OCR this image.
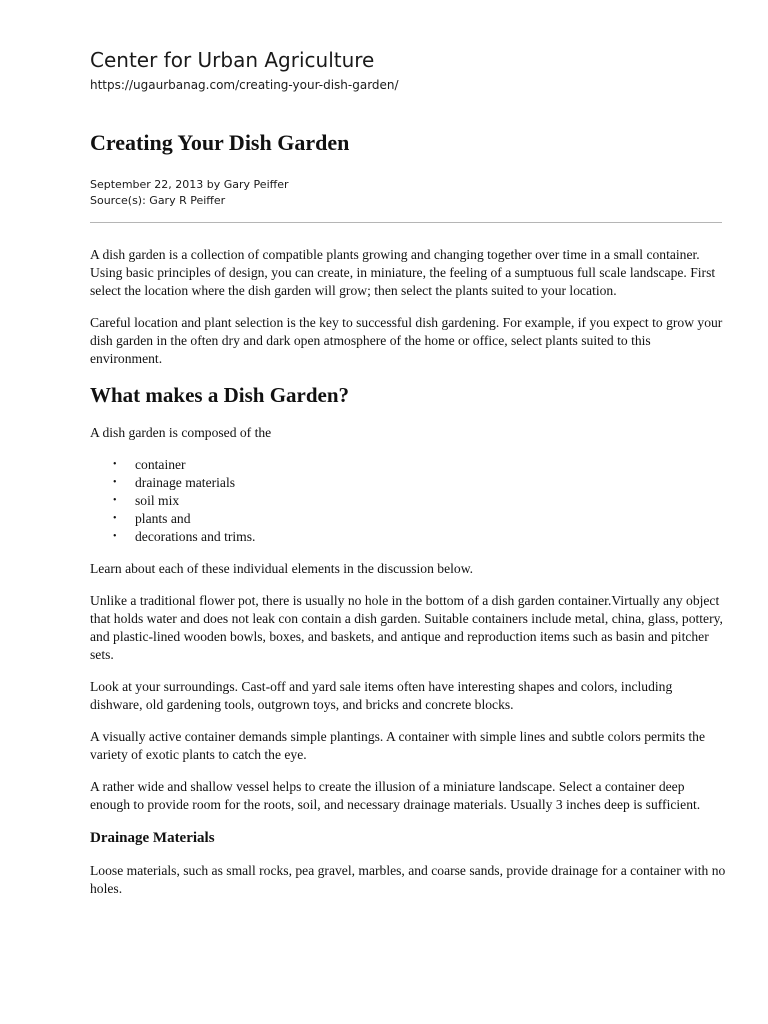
Center for Urban Agriculture
https://ugaurbanag.com/creating-your-dish-garden/
Creating Your Dish Garden
September 22, 2013 by Gary Peiffer
Source(s): Gary R Peiffer

A dish garden is a collection of compatible plants growing and changing together over time in a small container. Using basic principles of design, you can create, in miniature, the feeling of a sumptuous full scale landscape. First select the location where the dish garden will grow; then select the plants suited to your location.

Careful location and plant selection is the key to successful dish gardening. For example, if you expect to grow your dish garden in the often dry and dark open atmosphere of the home or office, select plants suited to this environment.

What makes a Dish Garden?

A dish garden is composed of the

• container
• drainage materials
• soil mix
• plants and
• decorations and trims.

Learn about each of these individual elements in the discussion below.

Unlike a traditional flower pot, there is usually no hole in the bottom of a dish garden container.Virtually any object that holds water and does not leak con contain a dish garden. Suitable containers include metal, china, glass, pottery, and plastic-lined wooden bowls, boxes, and baskets, and antique and reproduction items such as basin and pitcher sets.

Look at your surroundings. Cast-off and yard sale items often have interesting shapes and colors, including dishware, old gardening tools, outgrown toys, and bricks and concrete blocks.

A visually active container demands simple plantings. A container with simple lines and subtle colors permits the variety of exotic plants to catch the eye.

A rather wide and shallow vessel helps to create the illusion of a miniature landscape. Select a container deep enough to provide room for the roots, soil, and necessary drainage materials. Usually 3 inches deep is sufficient.

Drainage Materials

Loose materials, such as small rocks, pea gravel, marbles, and coarse sands, provide drainage for a container with no holes.
